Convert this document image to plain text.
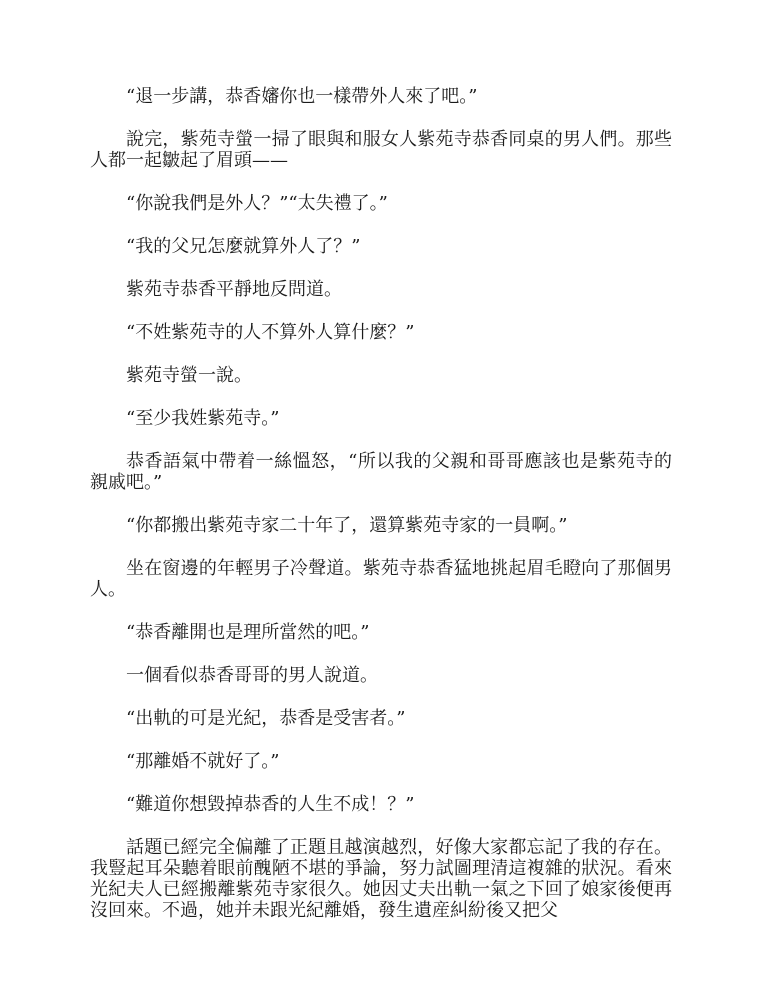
“退一步講，恭香嬸你也一樣帶外人來了吧。”

說完，紫苑寺螢一掃了眼與和服女人紫苑寺恭香同桌的男人們。那些人都一起皺起了眉頭——

“你說我們是外人？”“太失禮了。”

“我的父兄怎麼就算外人了？”

紫苑寺恭香平靜地反問道。

“不姓紫苑寺的人不算外人算什麼？”

紫苑寺螢一說。

“至少我姓紫苑寺。”

恭香語氣中帶着一絲慍怒，“所以我的父親和哥哥應該也是紫苑寺的親戚吧。”

“你都搬出紫苑寺家二十年了，還算紫苑寺家的一員啊。”

坐在窗邊的年輕男子冷聲道。紫苑寺恭香猛地挑起眉毛瞪向了那個男人。

“恭香離開也是理所當然的吧。”

一個看似恭香哥哥的男人說道。

“出軌的可是光紀，恭香是受害者。”

“那離婚不就好了。”

“難道你想毀掉恭香的人生不成！？”

話題已經完全偏離了正題且越演越烈，好像大家都忘記了我的存在。我豎起耳朵聽着眼前醜陋不堪的爭論，努力試圖理清這複雜的狀況。看來光紀夫人已經搬離紫苑寺家很久。她因丈夫出軌一氣之下回了娘家後便再沒回來。不過，她并未跟光紀離婚，發生遺産糾紛後又把父
